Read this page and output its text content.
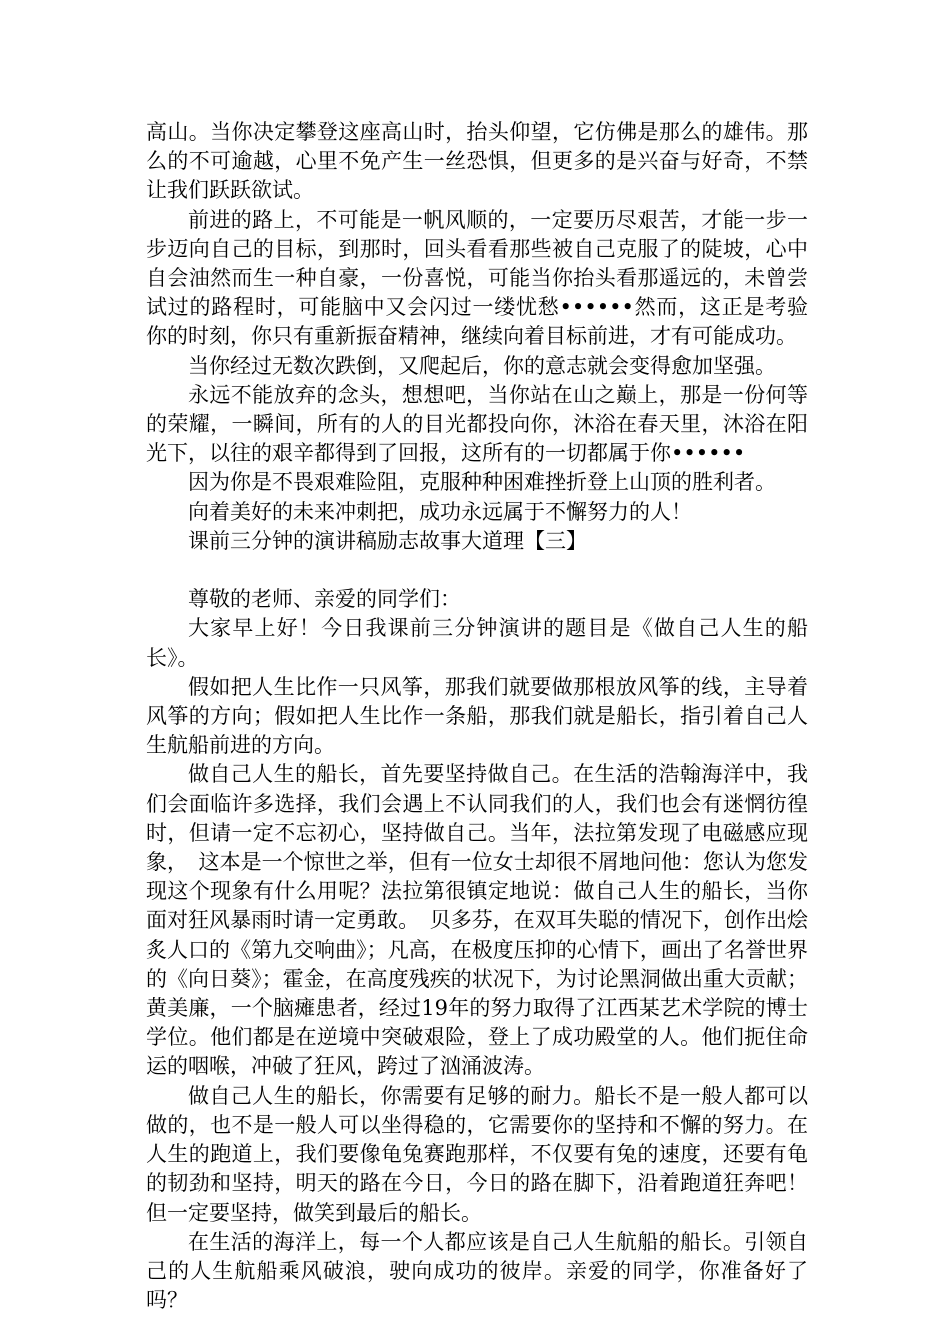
高山。当你决定攀登这座高山时，抬头仰望，它仿佛是那么的雄伟。那么的不可逾越，心里不免产生一丝恐惧，但更多的是兴奋与好奇，不禁让我们跃跃欲试。

前进的路上，不可能是一帆风顺的，一定要历尽艰苦，才能一步一步迈向自己的目标，到那时，回头看看那些被自己克服了的陡坡，心中自会油然而生一种自豪，一份喜悦，可能当你抬头看那遥远的，未曾尝试过的路程时，可能脑中又会闪过一缕忧愁••••••然而，这正是考验你的时刻，你只有重新振奋精神，继续向着目标前进，才有可能成功。

当你经过无数次跌倒，又爬起后，你的意志就会变得愈加坚强。

永远不能放弃的念头，想想吧，当你站在山之巅上，那是一份何等的荣耀，一瞬间，所有的人的目光都投向你，沐浴在春天里，沐浴在阳光下，以往的艰辛都得到了回报，这所有的一切都属于你••••••

因为你是不畏艰难险阻，克服种种困难挫折登上山顶的胜利者。

向着美好的未来冲刺把，成功永远属于不懈努力的人！

课前三分钟的演讲稿励志故事大道理【三】

尊敬的老师、亲爱的同学们：

大家早上好！今日我课前三分钟演讲的题目是《做自己人生的船长》。

假如把人生比作一只风筝，那我们就要做那根放风筝的线，主导着风筝的方向；假如把人生比作一条船，那我们就是船长，指引着自己人生航船前进的方向。

做自己人生的船长，首先要坚持做自己。在生活的浩翰海洋中，我们会面临许多选择，我们会遇上不认同我们的人，我们也会有迷惘彷徨时，但请一定不忘初心，坚持做自己。当年，法拉第发现了电磁感应现象，　这本是一个惊世之举，但有一位女士却很不屑地问他：您认为您发现这个现象有什么用呢？法拉第很镇定地说：做自己人生的船长，当你面对狂风暴雨时请一定勇敢。　贝多芬，在双耳失聪的情况下，创作出烩炙人口的《第九交响曲》；凡高，在极度压抑的心情下，画出了名誉世界的《向日葵》；霍金，在高度残疾的状况下，为讨论黑洞做出重大贡献；黄美廉，一个脑瘫患者，经过19年的努力取得了江西某艺术学院的博士学位。他们都是在逆境中突破艰险，登上了成功殿堂的人。他们扼住命运的咽喉，冲破了狂风，跨过了汹涌波涛。

做自己人生的船长，你需要有足够的耐力。船长不是一般人都可以做的，也不是一般人可以坐得稳的，它需要你的坚持和不懈的努力。在人生的跑道上，我们要像龟兔赛跑那样，不仅要有兔的速度，还要有龟的韧劲和坚持，明天的路在今日，今日的路在脚下，沿着跑道狂奔吧！但一定要坚持，做笑到最后的船长。

在生活的海洋上，每一个人都应该是自己人生航船的船长。引领自己的人生航船乘风破浪，驶向成功的彼岸。亲爱的同学，你准备好了吗？
